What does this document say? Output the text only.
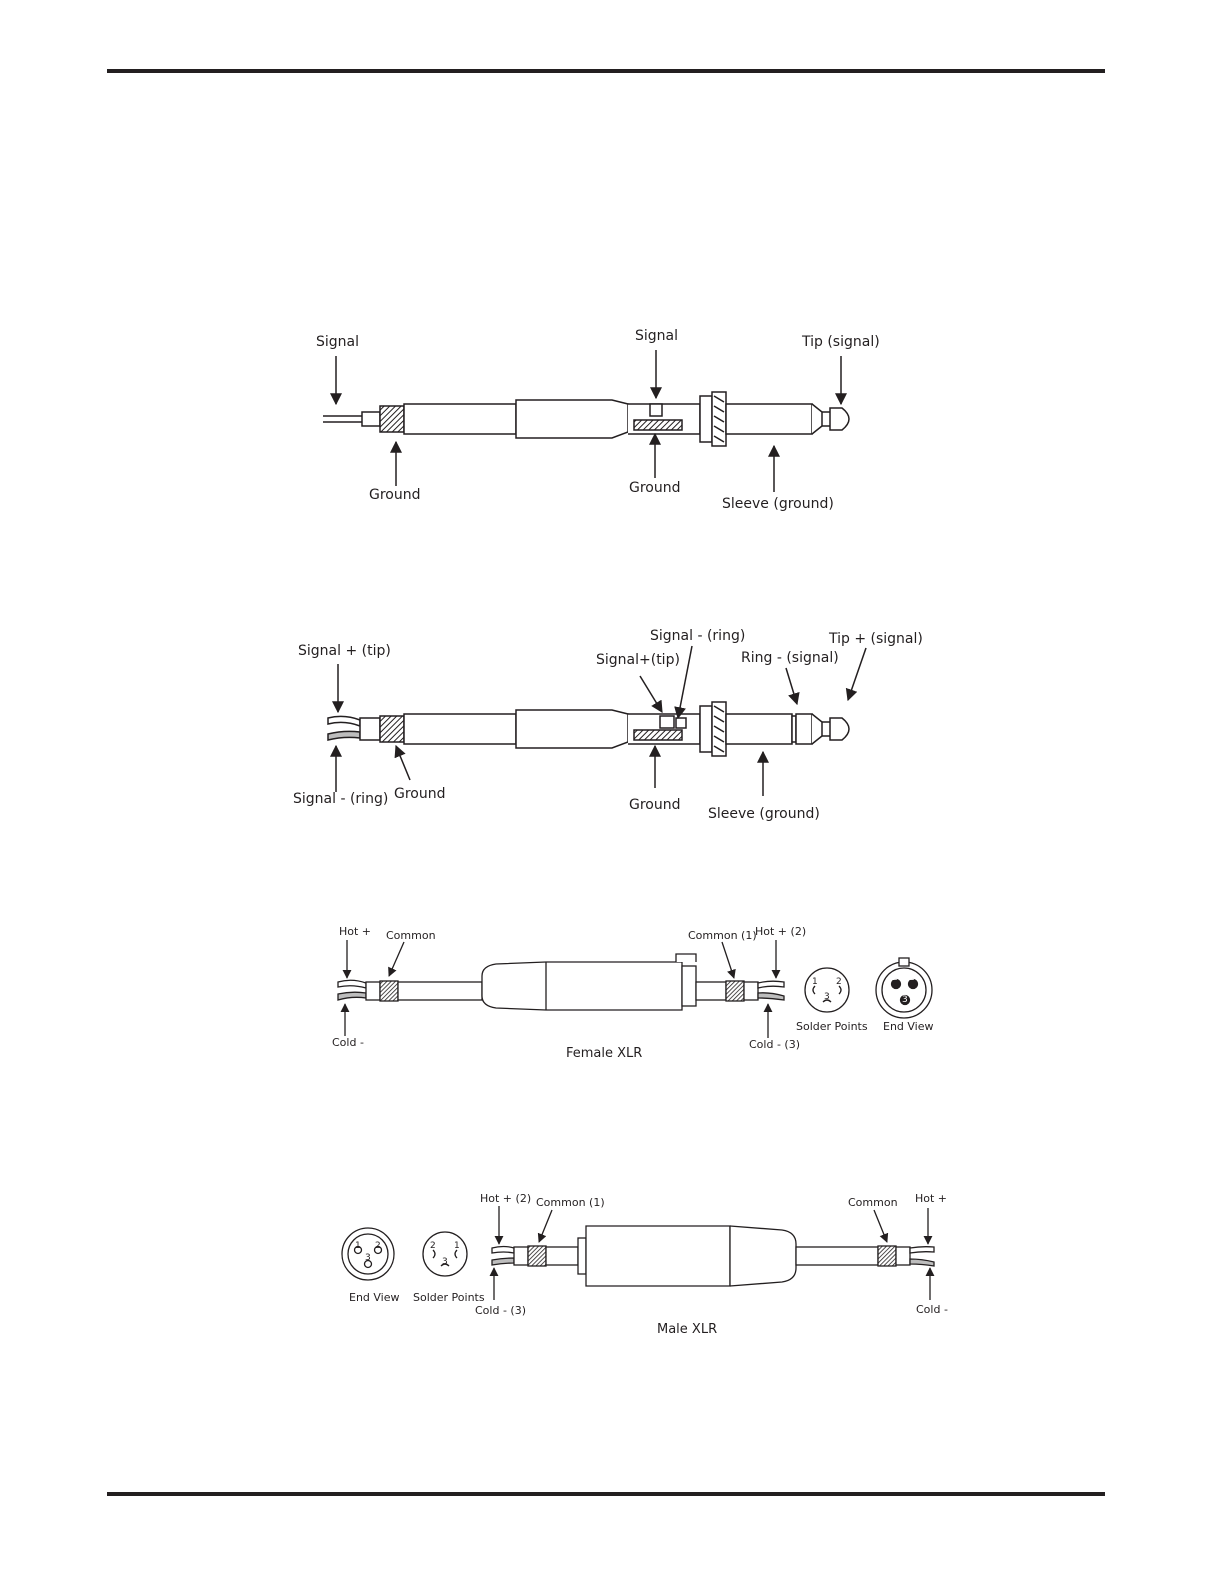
Signal	Signal	Tip (signal)
Ground	Ground
Sleeve (ground)
Signal + (tip)
Signal - (ring) Ground
Signal - (ring)
Signal+(tip)	Ring - (signal)
Tip + (signal)
Ground
Sleeve (ground)
1 2
3
2 1
3
Hot + Common
Cold -
Common (1)
Hot + (2)
Cold - (3)
Solder Points End View
Female XLR
1 2
3
2 1
3
End View Solder Points
Hot + (2) Common (1)
Cold - (3)
Common Hot +
Cold -
Male XLR
